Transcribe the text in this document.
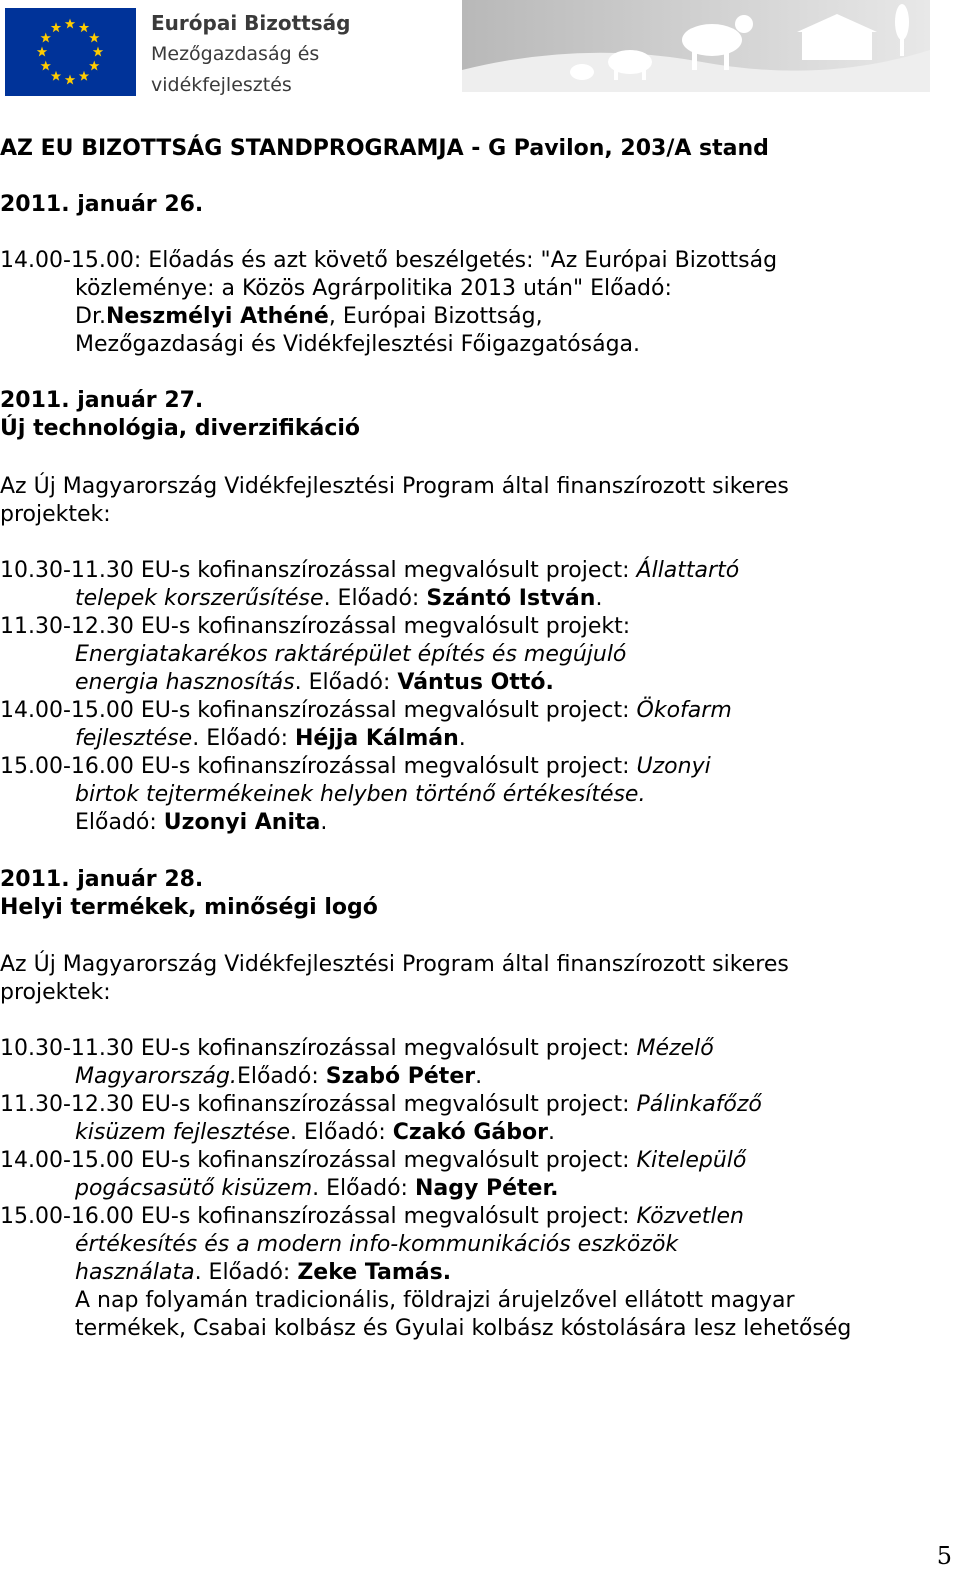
Európai Bizottság
Mezőgazdaság és
vidékfejlesztés
AZ EU BIZOTTSÁG STANDPROGRAMJA - G Pavilon, 203/A stand
2011. január 26.
14.00-15.00: Előadás és azt követő beszélgetés: "Az Európai Bizottság
közleménye: a Közös Agrárpolitika 2013 után" Előadó:
Dr.Neszmélyi Athéné, Európai Bizottság,
Mezőgazdasági és Vidékfejlesztési Főigazgatósága.
2011. január 27.
Új technológia, diverzifikáció
Az Új Magyarország Vidékfejlesztési Program által finanszírozott sikeres
projektek:
10.30-11.30 EU-s kofinanszírozással megvalósult project: Állattartó
telepek korszerűsítése. Előadó: Szántó István.
11.30-12.30 EU-s kofinanszírozással megvalósult projekt:
Energiatakarékos raktárépület építés és megújuló
energia hasznosítás. Előadó: Vántus Ottó.
14.00-15.00 EU-s kofinanszírozással megvalósult project: Ökofarm
fejlesztése. Előadó: Héjja Kálmán.
15.00-16.00 EU-s kofinanszírozással megvalósult project: Uzonyi
birtok tejtermékeinek helyben történő értékesítése.
Előadó: Uzonyi Anita.
2011. január 28.
Helyi termékek, minőségi logó
Az Új Magyarország Vidékfejlesztési Program által finanszírozott sikeres
projektek:
10.30-11.30 EU-s kofinanszírozással megvalósult project: Mézelő
Magyarország.Előadó: Szabó Péter.
11.30-12.30 EU-s kofinanszírozással megvalósult project: Pálinkafőző
kisüzem fejlesztése. Előadó: Czakó Gábor.
14.00-15.00 EU-s kofinanszírozással megvalósult project: Kitelepülő
pogácsasütő kisüzem. Előadó: Nagy Péter.
15.00-16.00 EU-s kofinanszírozással megvalósult project: Közvetlen
értékesítés és a modern info-kommunikációs eszközök
használata. Előadó: Zeke Tamás.
A nap folyamán tradicionális, földrajzi árujelzővel ellátott magyar
termékek, Csabai kolbász és Gyulai kolbász kóstolására lesz lehetőség
5
